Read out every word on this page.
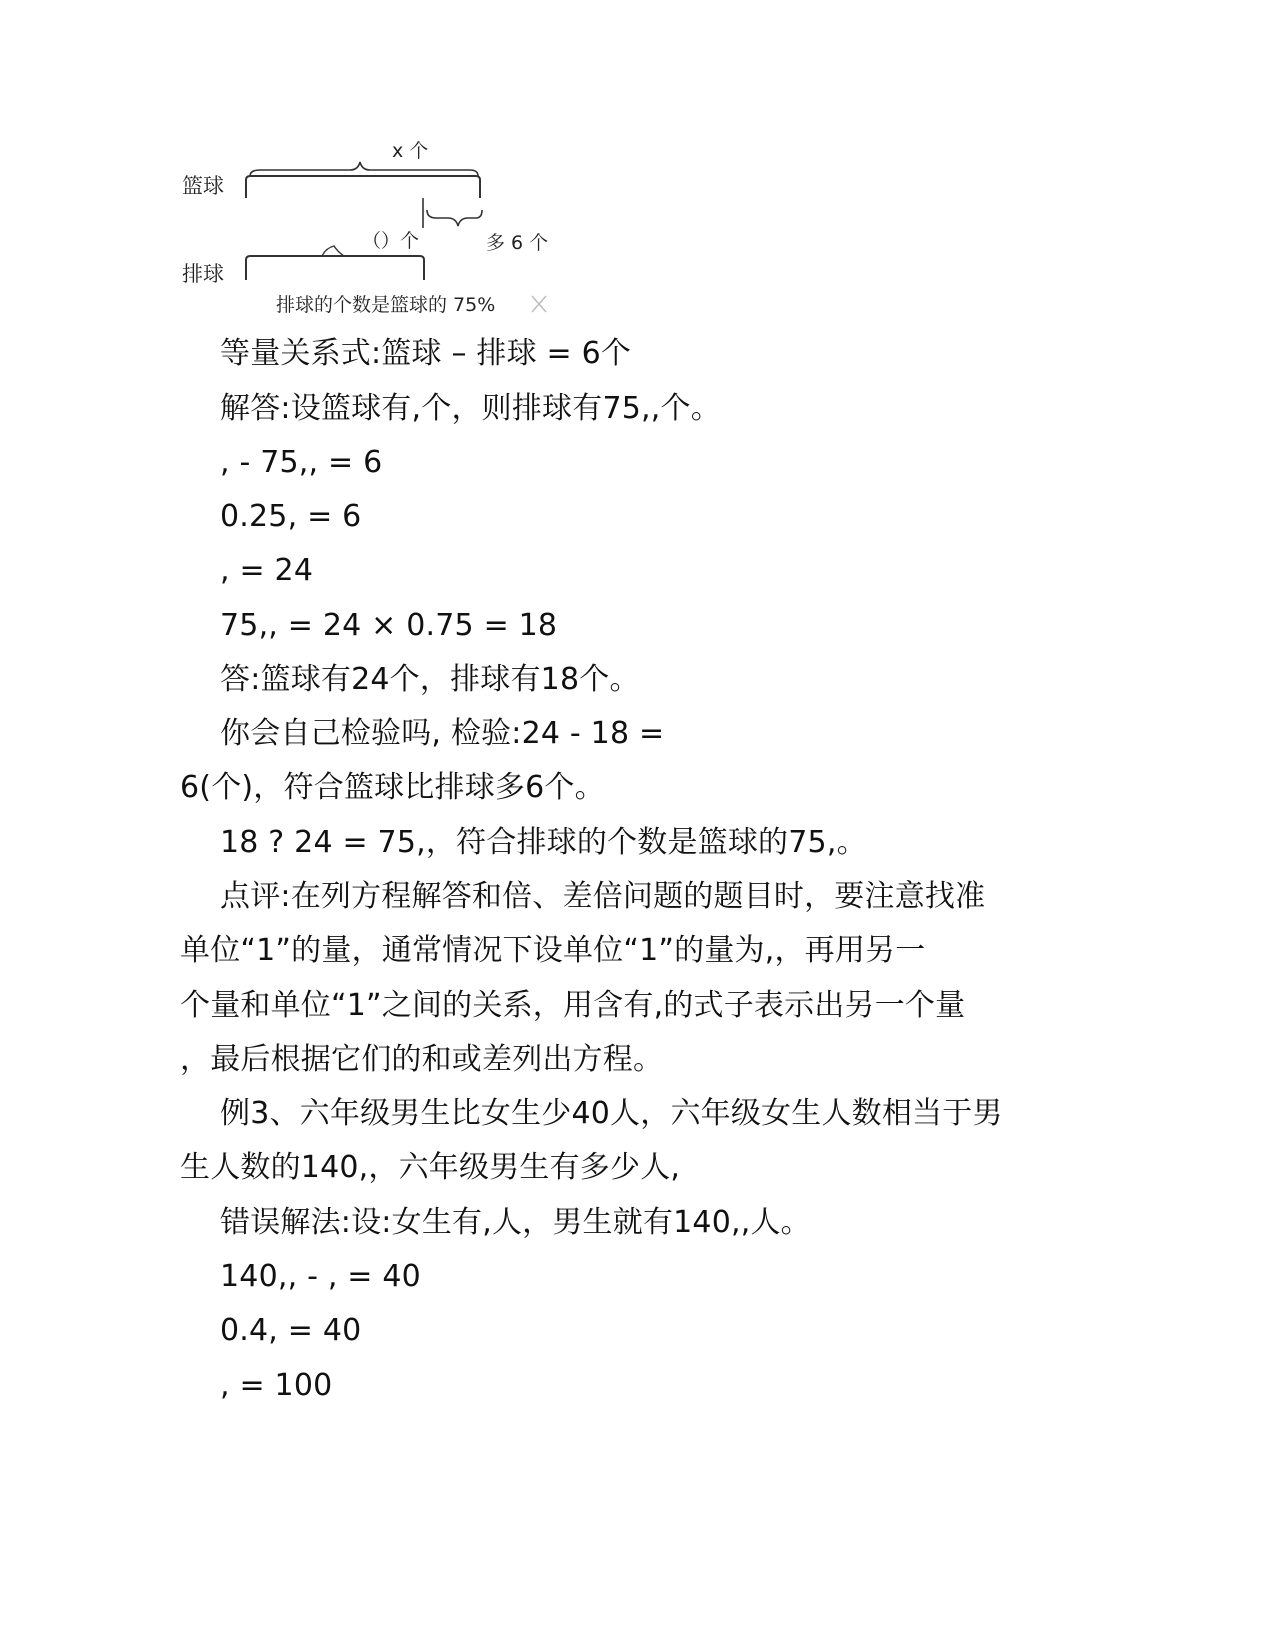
篮球
排球
x 个
（）个	多 6 个
排球的个数是篮球的 75%
等量关系式:篮球 – 排球 = 6个
解答:设篮球有,个，则排球有75,,个。
, - 75,, = 6
0.25, = 6
, = 24
75,, = 24 × 0.75 = 18
答:篮球有24个，排球有18个。
你会自己检验吗, 检验:24 - 18 =
6(个)，符合篮球比排球多6个。
18 ? 24 = 75,，符合排球的个数是篮球的75,。
点评:在列方程解答和倍、差倍问题的题目时，要注意找准
单位“1”的量，通常情况下设单位“1”的量为,，再用另一
个量和单位“1”之间的关系，用含有,的式子表示出另一个量
，最后根据它们的和或差列出方程。
例3、六年级男生比女生少40人，六年级女生人数相当于男
生人数的140,，六年级男生有多少人,
错误解法:设:女生有,人，男生就有140,,人。
140,, - , = 40
0.4, = 40
, = 100
